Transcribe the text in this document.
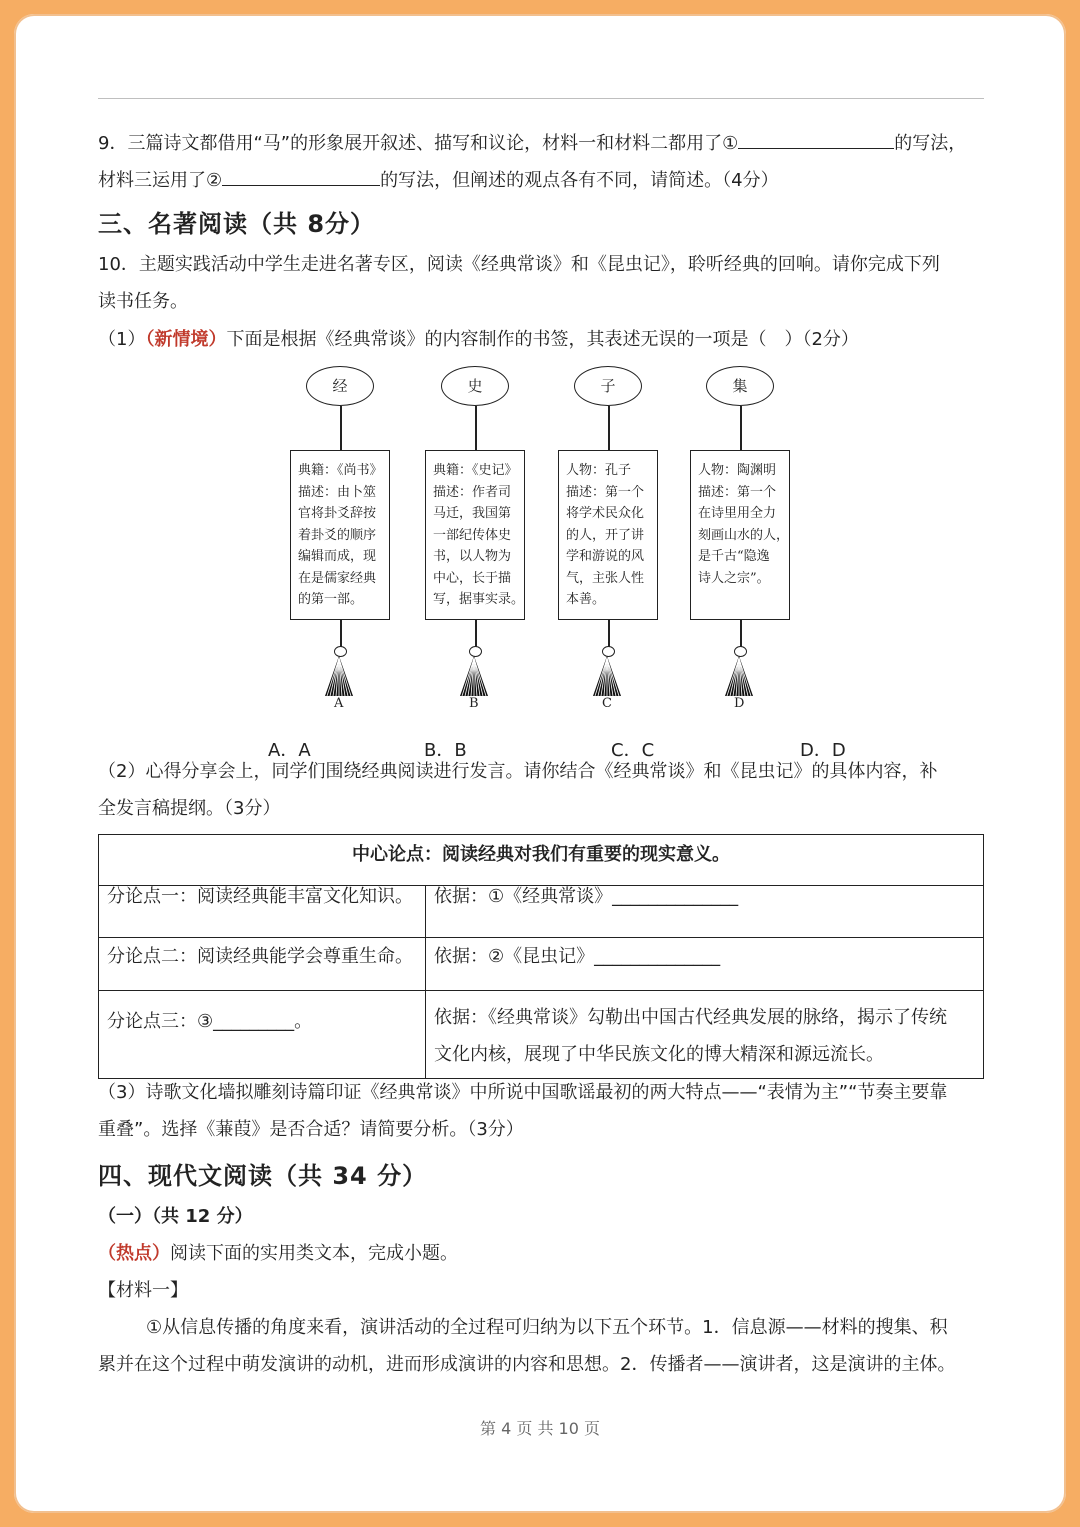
9．三篇诗文都借用“马”的形象展开叙述、描写和议论，材料一和材料二都用了①	的写法，
材料三运用了②	的写法，但阐述的观点各有不同，请简述。（4分）
三、名著阅读（共 8分）
10．主题实践活动中学生走进名著专区，阅读《经典常谈》和《昆虫记》，聆听经典的回响。请你完成下列
读书任务。
（1）（新情境）下面是根据《经典常谈》的内容制作的书签，其表述无误的一项是（　）（2分）
经
典籍：《尚书》
描述：由卜筮
官将卦爻辞按
着卦爻的顺序
编辑而成，现
在是儒家经典
的第一部。
A
史
典籍：《史记》
描述：作者司
马迁，我国第
一部纪传体史
书，以人物为
中心，长于描
写，据事实录。
B
子
人物：孔子
描述：第一个
将学术民众化
的人，开了讲
学和游说的风
气，主张人性
本善。
C
集
人物：陶渊明
描述：第一个
在诗里用全力
刻画山水的人，
是千古“隐逸
诗人之宗”。
D
A．A	B．B	C．C	D．D
（2）心得分享会上，同学们围绕经典阅读进行发言。请你结合《经典常谈》和《昆虫记》的具体内容，补
全发言稿提纲。（3分）
中心论点：阅读经典对我们有重要的现实意义。	
分论点一：阅读经典能丰富文化知识。	依据：①《经典常谈》______________
分论点二：阅读经典能学会尊重生命。	依据：②《昆虫记》______________
分论点三：③_________。	依据：《经典常谈》勾勒出中国古代经典发展的脉络，揭示了传统
文化内核，展现了中华民族文化的博大精深和源远流长。
（3）诗歌文化墙拟雕刻诗篇印证《经典常谈》中所说中国歌谣最初的两大特点——“表情为主”“节奏主要靠
重叠”。选择《蒹葭》是否合适？请简要分析。（3分）
四、现代文阅读（共 34 分）
（一）（共 12 分）
（热点）阅读下面的实用类文本，完成小题。
【材料一】
①从信息传播的角度来看，演讲活动的全过程可归纳为以下五个环节。1．信息源——材料的搜集、积
累并在这个过程中萌发演讲的动机，进而形成演讲的内容和思想。2．传播者——演讲者，这是演讲的主体。
第 4 页 共 10 页
